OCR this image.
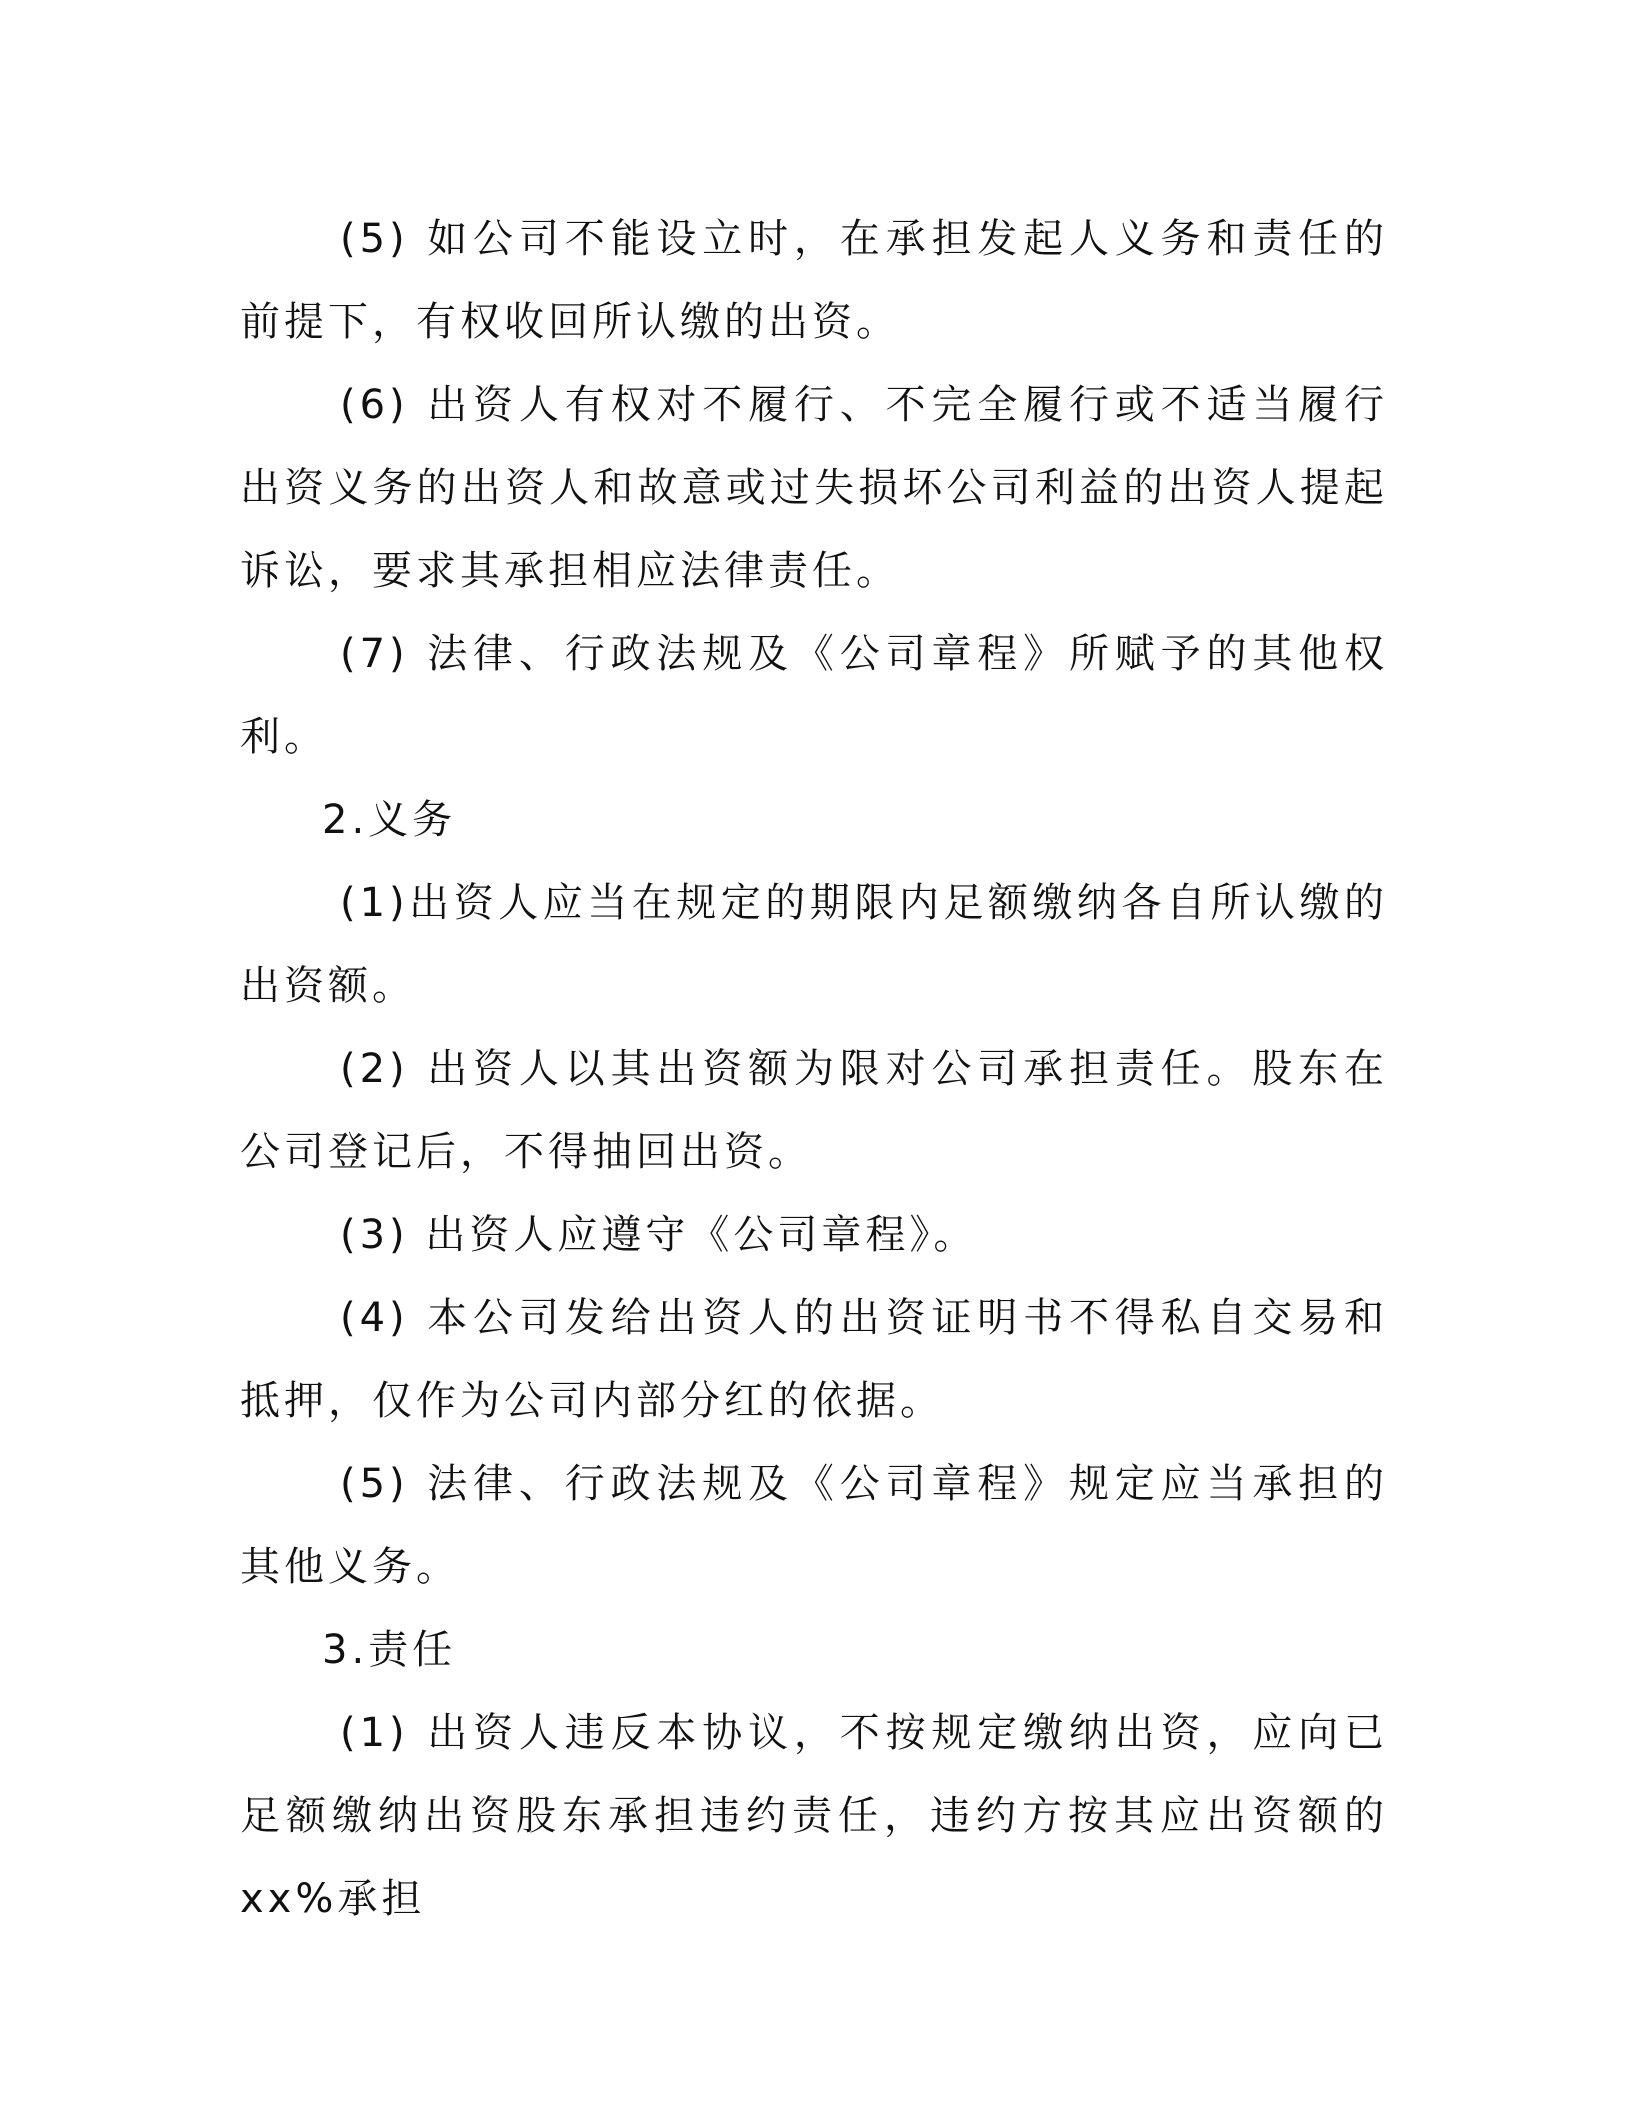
(5) 如公司不能设立时，在承担发起人义务和责任的前提下，有权收回所认缴的出资。

(6) 出资人有权对不履行、不完全履行或不适当履行出资义务的出资人和故意或过失损坏公司利益的出资人提起诉讼，要求其承担相应法律责任。

(7) 法律、行政法规及《公司章程》所赋予的其他权利。

2.义务

(1)出资人应当在规定的期限内足额缴纳各自所认缴的出资额。

(2) 出资人以其出资额为限对公司承担责任。股东在公司登记后，不得抽回出资。

(3) 出资人应遵守《公司章程》。

(4) 本公司发给出资人的出资证明书不得私自交易和抵押，仅作为公司内部分红的依据。

(5) 法律、行政法规及《公司章程》规定应当承担的其他义务。

3.责任

(1) 出资人违反本协议，不按规定缴纳出资，应向已足额缴纳出资股东承担违约责任，违约方按其应出资额的 xx%承担
